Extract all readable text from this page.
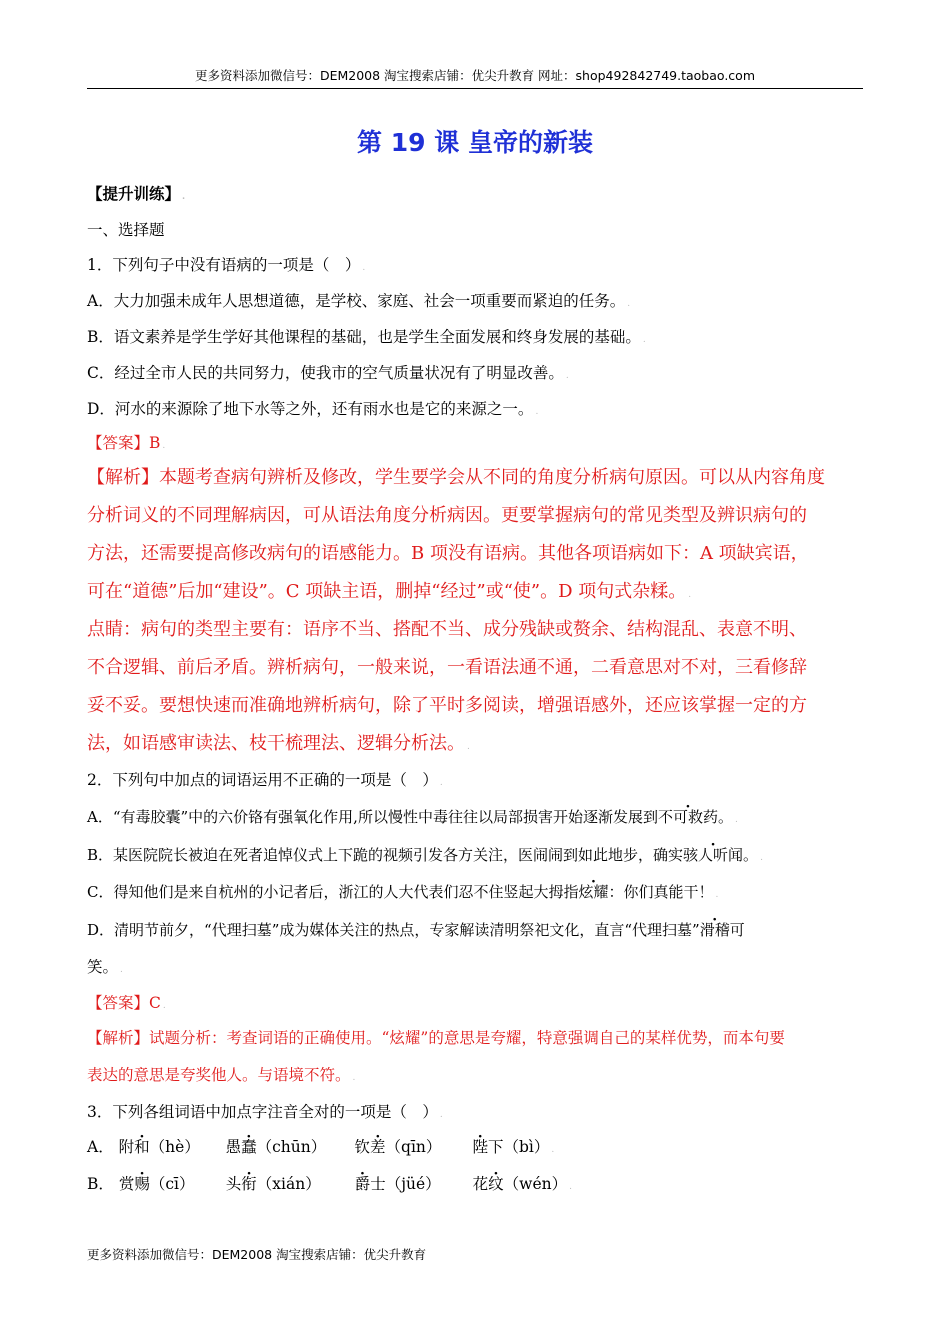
更多资料添加微信号：DEM2008 淘宝搜索店铺：优尖升教育 网址：shop492842749.taobao.com
第 19 课 皇帝的新装
【提升训练】 .
一、选择题
1．下列句子中没有语病的一项是（　） .
A．大力加强未成年人思想道德，是学校、家庭、社会一项重要而紧迫的任务。 .
B．语文素养是学生学好其他课程的基础，也是学生全面发展和终身发展的基础。 .
C．经过全市人民的共同努力，使我市的空气质量状况有了明显改善。 .
D．河水的来源除了地下水等之外，还有雨水也是它的来源之一。 .
【答案】B .
【解析】本题考查病句辨析及修改，学生要学会从不同的角度分析病句原因。可以从内容角度
分析词义的不同理解病因，可从语法角度分析病因。更要掌握病句的常见类型及辨识病句的
方法，还需要提高修改病句的语感能力。B 项没有语病。其他各项语病如下：A 项缺宾语，
可在“道德”后加“建设”。C 项缺主语，删掉“经过”或“使”。D 项句式杂糅。 .
点睛：病句的类型主要有：语序不当、搭配不当、成分残缺或赘余、结构混乱、表意不明、
不合逻辑、前后矛盾。辨析病句，一般来说，一看语法通不通，二看意思对不对，三看修辞
妥不妥。要想快速而准确地辨析病句，除了平时多阅读，增强语感外，还应该掌握一定的方
法，如语感审读法、枝干梳理法、逻辑分析法。 .
2．下列句中加点的词语运用不正确的一项是（　） .
A．“有毒胶囊”中的六价铬有强氧化作用,所以慢性中毒往往以局部损害开始逐渐发展到不可救药。 .
B．某医院院长被迫在死者追悼仪式上下跪的视频引发各方关注，医闹闹到如此地步，确实骇人听闻。 .
C．得知他们是来自杭州的小记者后，浙江的人大代表们忍不住竖起大拇指炫耀：你们真能干！ .
D．清明节前夕，“代理扫墓”成为媒体关注的热点，专家解读清明祭祀文化，直言“代理扫墓”滑稽可
笑。 .
【答案】C .
【解析】试题分析：考查词语的正确使用。“炫耀”的意思是夸耀，特意强调自己的某样优势，而本句要
表达的意思是夸奖他人。与语境不符。 .
3．下列各组词语中加点字注音全对的一项是（　） .
A． 附和（hè） 愚蠢（chūn） 钦差（qīn） 陛下（bì） .
B． 赏赐（cī） 头衔（xián） 爵士（jüé） 花纹（wén） .
更多资料添加微信号：DEM2008 淘宝搜索店铺：优尖升教育
